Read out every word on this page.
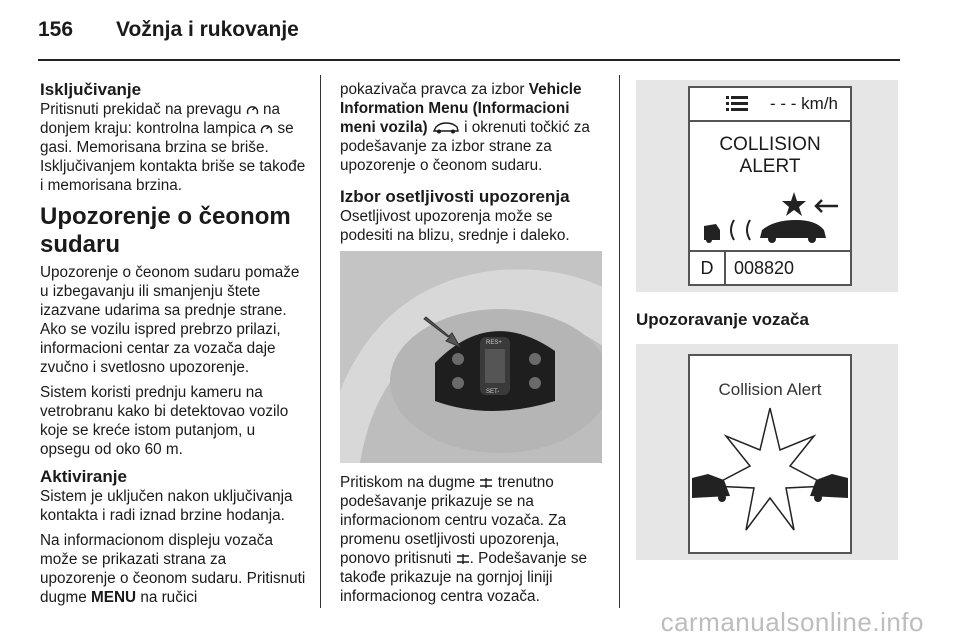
156 Vožnja i rukovanje
Isključivanje

Pritisnuti prekidač na prevagu na donjem kraju: kontrolna lampica se gasi. Memorisana brzina se briše. Isključivanjem kontakta briše se takođe i memorisana brzina.

Upozorenje o čeonom sudaru

Upozorenje o čeonom sudaru pomaže u izbegavanju ili smanjenju štete izazvane udarima sa prednje strane. Ako se vozilu ispred prebrzo prilazi, informacioni centar za vozača daje zvučno i svetlosno upozorenje.

Sistem koristi prednju kameru na vetrobranu kako bi detektovao vozilo koje se kreće istom putanjom, u opsegu od oko 60 m.

Aktiviranje

Sistem je uključen nakon uključivanja kontakta i radi iznad brzine hodanja.

Na informacionom displeju vozača može se prikazati strana za upozorenje o čeonom sudaru. Pritisnuti dugme MENU na ručici

pokazivača pravca za izbor Vehicle Information Menu (Informacioni meni vozila) i okrenuti točkić za podešavanje za izbor strane za upozorenje o čeonom sudaru.

Izbor osetljivosti upozorenja

Osetljivost upozorenja može se podesiti na blizu, srednje i daleko.

RES+
SET-

Pritiskom na dugme trenutno podešavanje prikazuje se na informacionom centru vozača. Za promenu osetljivosti upozorenja, ponovo pritisnuti . Podešavanje se takođe prikazuje na gornjoj liniji informacionog centra vozača.

- - - km/h
COLLISION
ALERT
D	008820
Upozoravanje vozača
Collision Alert
carmanualsonline.info
